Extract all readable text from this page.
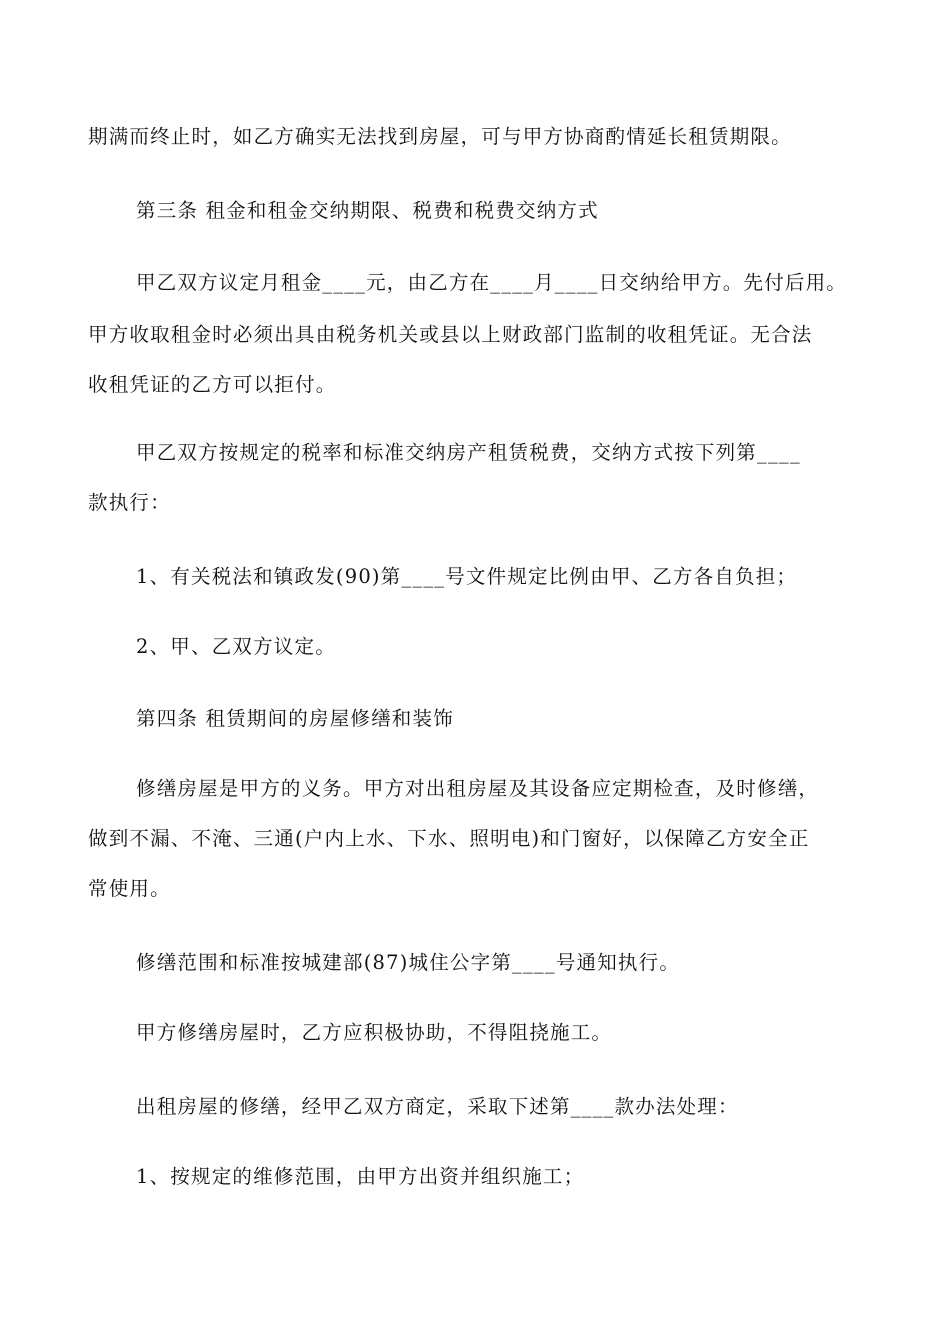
期满而终止时，如乙方确实无法找到房屋，可与甲方协商酌情延长租赁期限。
第三条 租金和租金交纳期限、税费和税费交纳方式
甲乙双方议定月租金____元，由乙方在____月____日交纳给甲方。先付后用。
甲方收取租金时必须出具由税务机关或县以上财政部门监制的收租凭证。无合法
收租凭证的乙方可以拒付。
甲乙双方按规定的税率和标准交纳房产租赁税费，交纳方式按下列第____
款执行：
1、有关税法和镇政发(90)第____号文件规定比例由甲、乙方各自负担；
2、甲、乙双方议定。
第四条 租赁期间的房屋修缮和装饰
修缮房屋是甲方的义务。甲方对出租房屋及其设备应定期检查，及时修缮，
做到不漏、不淹、三通(户内上水、下水、照明电)和门窗好，以保障乙方安全正
常使用。
修缮范围和标准按城建部(87)城住公字第____号通知执行。
甲方修缮房屋时，乙方应积极协助，不得阻挠施工。
出租房屋的修缮，经甲乙双方商定，采取下述第____款办法处理：
1、按规定的维修范围，由甲方出资并组织施工；
